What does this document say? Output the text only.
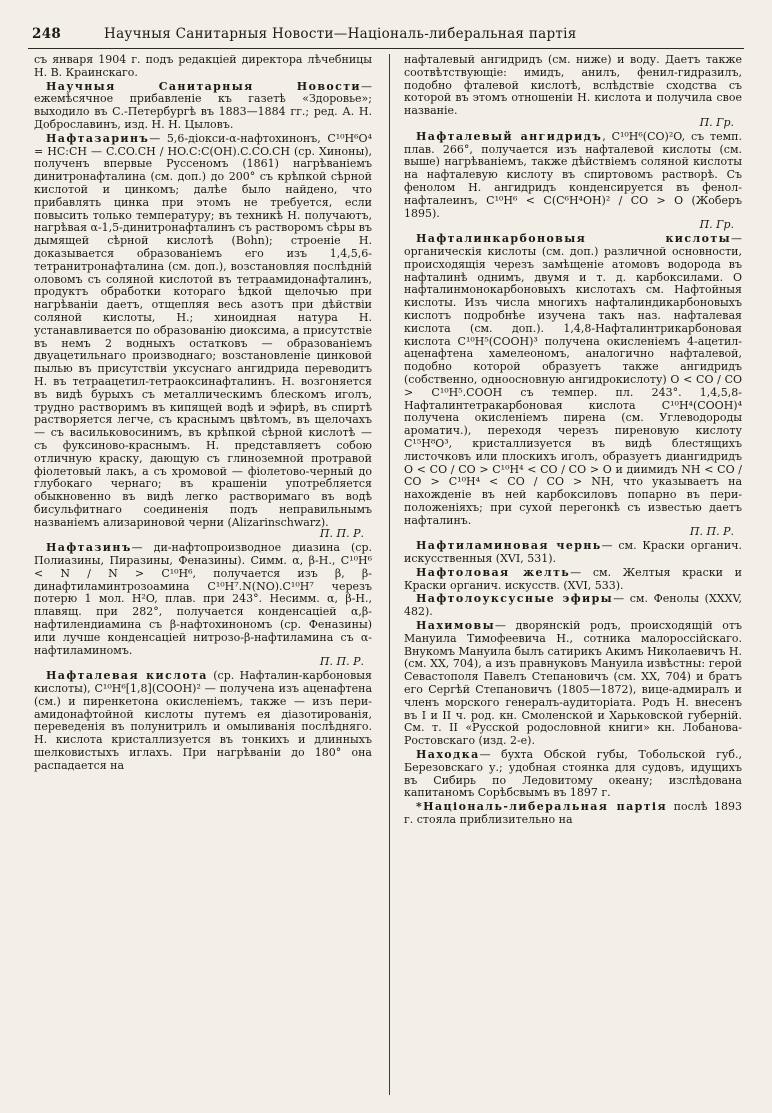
248	Научныя Санитарныя Новости—Національ-либеральная партія

съ января 1904 г. подъ редакціей директора лѣчебницы Н. В. Краинскаго.

Научныя Санитарныя Новости— ежемѣсячное прибавленіе къ газетѣ «Здоровье»; выходило въ С.-Петербургѣ въ 1883—1884 гг.; ред. А. Н. Доброславинъ, изд. Н. Н. Цыловъ.

Нафтазаринъ— 5,6-діокси-α-нафтохинонъ, C¹⁰H⁶O⁴ = HC:CH — C.CO.CH / HO.C:C(OH).C.CO.CH (ср. Хиноны), полученъ впервые Руссеномъ (1861) нагрѣваніемъ динитронафталина (см. доп.) до 200° съ крѣпкой сѣрной кислотой и цинкомъ; далѣе было найдено, что прибавлять цинка при этомъ не требуется, если повысить только температуру; въ техникѣ Н. получаютъ, нагрѣвая α-1,5-динитронафталинъ съ растворомъ сѣры въ дымящей сѣрной кислотѣ (Bohn); строеніе Н. доказывается образованіемъ его изъ 1,4,5,6-тетранитронафталина (см. доп.), возстановляя послѣдній оловомъ съ соляной кислотой въ тетраамидонафталинъ, продуктъ обработки котораго ѣдкой щелочью при нагрѣваніи даетъ, отщепляя весь азотъ при дѣйствіи соляной кислоты, Н.; хиноидная натура Н. устанавливается по образованію диоксима, а присутствіе въ немъ 2 водныхъ остатковъ — образованіемъ двуацетильнаго производнаго; возстановленіе цинковой пылью въ присутствіи уксуснаго ангидрида переводитъ Н. въ тетраацетил-тетраоксинафталинъ. Н. возгоняется въ видѣ бурыхъ съ металлическимъ блескомъ иголъ, трудно растворимъ въ кипящей водѣ и эфирѣ, въ спиртѣ растворяется легче, съ краснымъ цвѣтомъ, въ щелочахъ — съ васильковосинимъ, въ крѣпкой сѣрной кислотѣ — съ фуксиново-краснымъ. Н. представляетъ собою отличную краску, дающую съ глиноземной протравой фіолетовый лакъ, а съ хромовой — фіолетово-черный до глубокаго чернаго; въ крашеніи употребляется обыкновенно въ видѣ легко растворимаго въ водѣ бисульфитнаго соединенія подъ неправильнымъ названіемъ ализариновой черни (Alizarinschwarz).
П. П. Р.

Нафтазинъ— ди-нафтопроизводное диазина (ср. Полиазины, Пиразины, Феназины). Симм. α, β-Н., C¹⁰H⁶ < N / N > C¹⁰H⁶, получается изъ β, β-динафтиламинтрозоамина C¹⁰H⁷.N(NO).C¹⁰H⁷ черезъ потерю 1 мол. H²O, плав. при 243°. Несимм. α, β-Н., плавящ. при 282°, получается конденсаціей α,β-нафтилендиамина съ β-нафтохинономъ (ср. Феназины) или лучше конденсаціей нитрозо-β-нафтиламина съ α-нафтиламиномъ.
П. П. Р.

Нафталевая кислота (ср. Нафталин-карбоновыя кислоты), C¹⁰H⁶[1,8](COOH)² — получена изъ аценафтена (см.) и пиренкетона окисленіемъ, также — изъ пери-амидонафтойной кислоты путемъ ея діазотированія, переведенія въ полунитрилъ и омыливанія послѣдняго. Н. кислота кристаллизуется въ тонкихъ и длинныхъ шелковистыхъ иглахъ. При нагрѣваніи до 180° она распадается на

нафталевый ангидридъ (см. ниже) и воду. Даетъ также соотвѣтствующіе: имидъ, анилъ, фенил-гидразилъ, подобно фталевой кислотѣ, вслѣдствіе сходства съ которой въ этомъ отношеніи Н. кислота и получила свое названіе.
П. Гр.

Нафталевый ангидридъ, C¹⁰H⁶(CO)²O, съ темп. плав. 266°, получается изъ нафталевой кислоты (см. выше) нагрѣваніемъ, также дѣйствіемъ соляной кислоты на нафталевую кислоту въ спиртовомъ растворѣ. Съ фенолом Н. ангидридъ конденсируется въ фенол-нафталеинъ, C¹⁰H⁶ < C(C⁶H⁴OH)² / CO > O (Жоберъ 1895).
П. Гр.

Нафталинкарбоновыя кислоты— органическія кислоты (см. доп.) различной основности, происходящія черезъ замѣщеніе атомовъ водорода въ нафталинѣ однимъ, двумя и т. д. карбоксилами. О нафталинмонокарбоновыхъ кислотахъ см. Нафтойныя кислоты. Изъ числа многихъ нафталиндикарбоновыхъ кислотъ подробнѣе изучена такъ наз. нафталевая кислота (см. доп.). 1,4,8-Нафталинтрикарбоновая кислота C¹⁰H⁵(COOH)³ получена окисленіемъ 4-ацетил-аценафтена хамелеономъ, аналогично нафталевой, подобно которой образуетъ также ангидридъ (собственно, одноосновную ангидрокислоту) O < CO / CO > C¹⁰H⁵.COOH съ темпер. пл. 243°. 1,4,5,8-Нафталинтетракарбоновая кислота C¹⁰H⁴(COOH)⁴ получена окисленіемъ пирена (см. Углеводороды ароматич.), переходя черезъ пиреновую кислоту C¹⁵H⁸O³, кристаллизуется въ видѣ блестящихъ листочковъ или плоскихъ иголъ, образуетъ диангидридъ O < CO / CO > C¹⁰H⁴ < CO / CO > O и диимидъ NH < CO / CO > C¹⁰H⁴ < CO / CO > NH, что указываетъ на нахожденіе въ ней карбоксиловъ попарно въ пери-положеніяхъ; при сухой перегонкѣ съ известью даетъ нафталинъ.
П. П. Р.

Нафтиламиновая чернь— см. Краски органич. искусственныя (XVI, 531).

Нафтоловая желть— см. Желтыя краски и Краски органич. искусств. (XVI, 533).

Нафтолоуксусные эфиры— см. Фенолы (XXXV, 482).

Нахимовы— дворянскій родъ, происходящій отъ Мануила Тимофеевича Н., сотника малороссійскаго. Внукомъ Мануила былъ сатирикъ Акимъ Николаевичъ Н. (см. XX, 704), а изъ правнуковъ Мануила извѣстны: герой Севастополя Павелъ Степановичъ (см. XX, 704) и братъ его Сергѣй Степановичъ (1805—1872), вице-адмиралъ и членъ морского генералъ-аудиторіата. Родъ Н. внесенъ въ I и II ч. род. кн. Смоленской и Харьковской губерній. См. т. II «Русской родословной книги» кн. Лобанова-Ростовскаго (изд. 2-е).

Находка— бухта Обской губы, Тобольской губ., Березовскаго у.; удобная стоянка для судовъ, идущихъ въ Сибирь по Ледовитому океану; изслѣдована капитаномъ Сорѣбсвымъ въ 1897 г.

*Національ-либеральная партія послѣ 1893 г. стояла приблизительно на
